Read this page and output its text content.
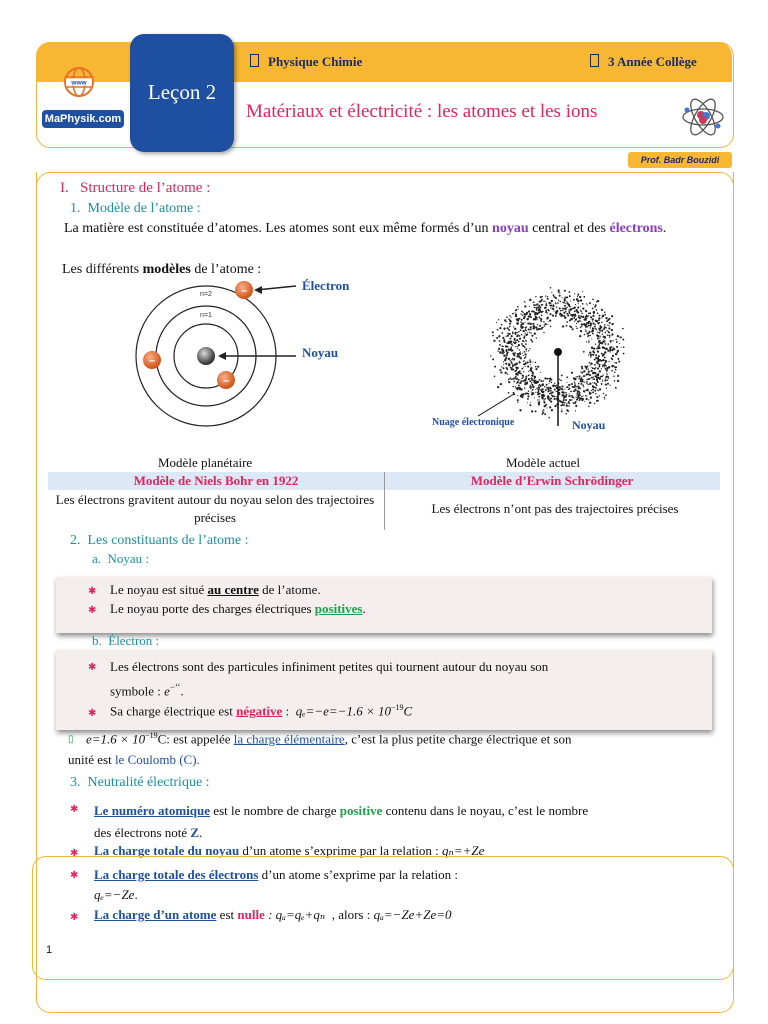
Leçon 2
Physique Chimie	3 Année Collège
Matériaux et électricité : les atomes et les ions
www
MaPhysik.com
Prof. Badr Bouzidi
I.   Structure de l’atome :
1.  Modèle de l’atome :
La matière est constituée d’atomes. Les atomes sont eux même formés d’un noyau central et des électrons.
Les différents modèles de l’atome :
n=2
n=1
–
–
–
Électron
Noyau
Modèle planétaire
Noyau
Nuage électronique
Modèle actuel
Modèle de Niels Bohr en 1922	Modèle d’Erwin Schrödinger
Les électrons gravitent autour du noyau selon des trajectoires précises
Les électrons n’ont pas des trajectoires précises
2.  Les constituants de l’atome :
a.  Noyau :
✱ Le noyau est situé au centre de l’atome.
✱ Le noyau porte des charges électriques positives.
b.  Électron :
✱ Les électrons sont des particules infiniment petites qui tournent autour du noyau son
symbole : e−‘‘.
✱ Sa charge électrique est négative :  $q_e=-e=-1.6 \times 10^{-19}C$
▯ $e=1.6 \times 10^{-19}C$: est appelée la charge élémentaire, c’est la plus petite charge électrique et son
unité est le Coulomb (C).
3.  Neutralité électrique :
✱ Le numéro atomique est le nombre de charge positive contenu dans le noyau, c’est le nombre
des électrons noté Z.
✱ La charge totale du noyau d’un atome s’exprime par la relation : qₙ=+Ze
✱ La charge totale des électrons d’un atome s’exprime par la relation :
qₑ=−Ze.
✱ La charge d’un atome est nulle : qₐ=qₑ+qₙ , alors : qₐ=−Ze+Ze=0
1
